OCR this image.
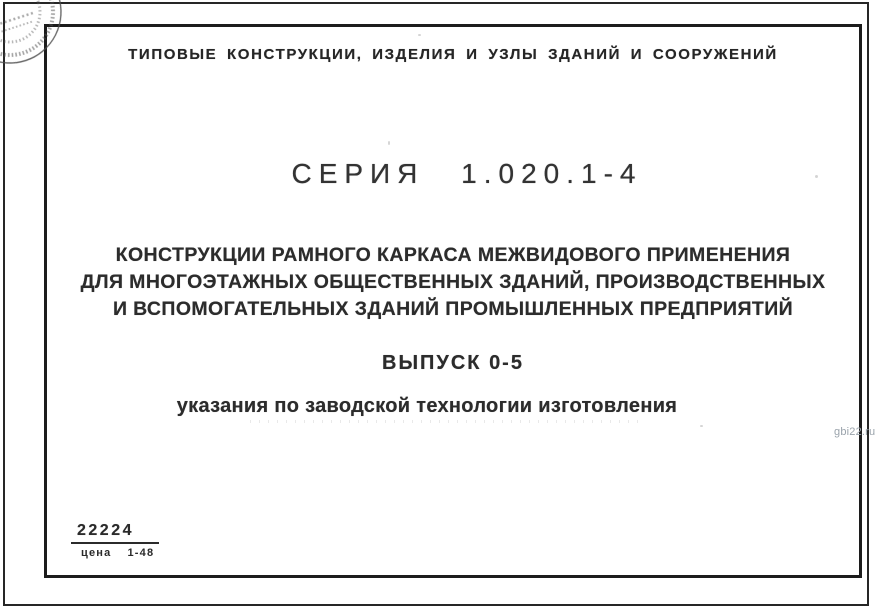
ТИПОВЫЕ КОНСТРУКЦИИ, ИЗДЕЛИЯ И УЗЛЫ ЗДАНИЙ И СООРУЖЕНИЙ
СЕРИЯ 1.020.1-4
КОНСТРУКЦИИ РАМНОГО КАРКАСА МЕЖВИДОВОГО ПРИМЕНЕНИЯ
ДЛЯ МНОГОЭТАЖНЫХ ОБЩЕСТВЕННЫХ ЗДАНИЙ, ПРОИЗВОДСТВЕННЫХ
И ВСПОМОГАТЕЛЬНЫХ ЗДАНИЙ ПРОМЫШЛЕННЫХ ПРЕДПРИЯТИЙ
ВЫПУСК 0-5
указания по заводской технологии изготовления
22224
цена 1-48
gbi22.ru
